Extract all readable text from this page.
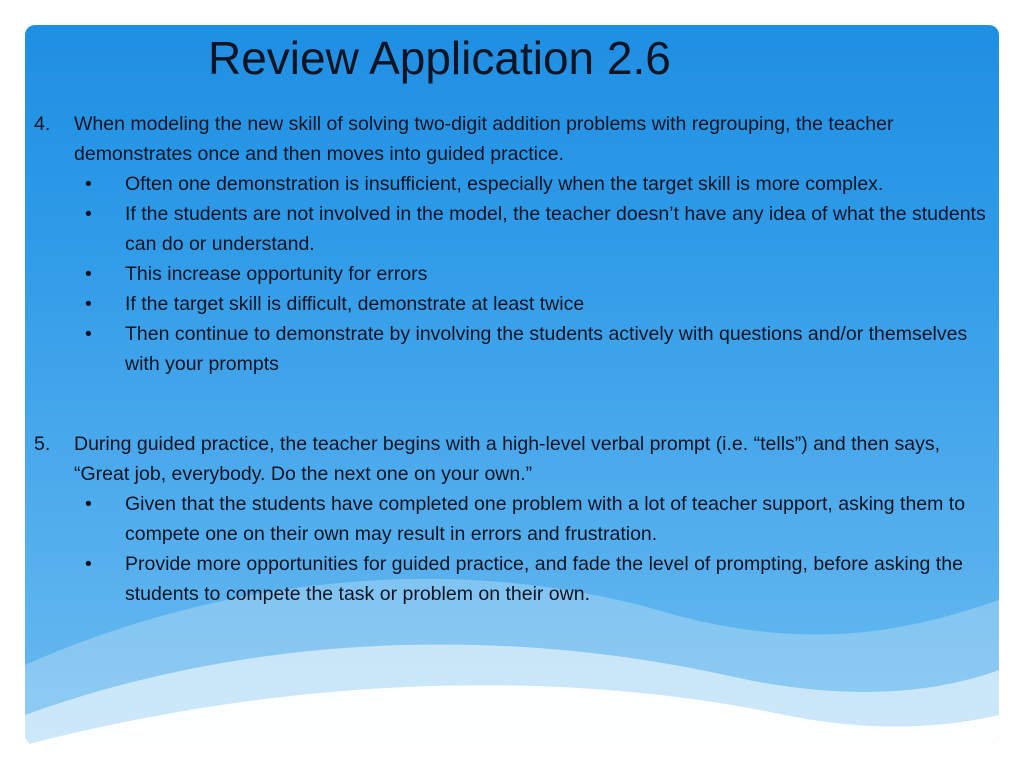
Review Application 2.6
4. When modeling the new skill of solving two-digit addition problems with regrouping, the teacher demonstrates once and then moves into guided practice.
• Often one demonstration is insufficient, especially when the target skill is more complex.
• If the students are not involved in the model, the teacher doesn’t have any idea of what the students can do or understand.
• This increase opportunity for errors
• If the target skill is difficult, demonstrate at least twice
• Then continue to demonstrate by involving the students actively with questions and/or themselves with your prompts
5. During guided practice, the teacher begins with a high-level verbal prompt (i.e. “tells”) and then says, “Great job, everybody. Do the next one on your own.”
• Given that the students have completed one problem with a lot of teacher support, asking them to compete one on their own may result in errors and frustration.
• Provide more opportunities for guided practice, and fade the level of prompting, before asking the students to compete the task or problem on their own.
